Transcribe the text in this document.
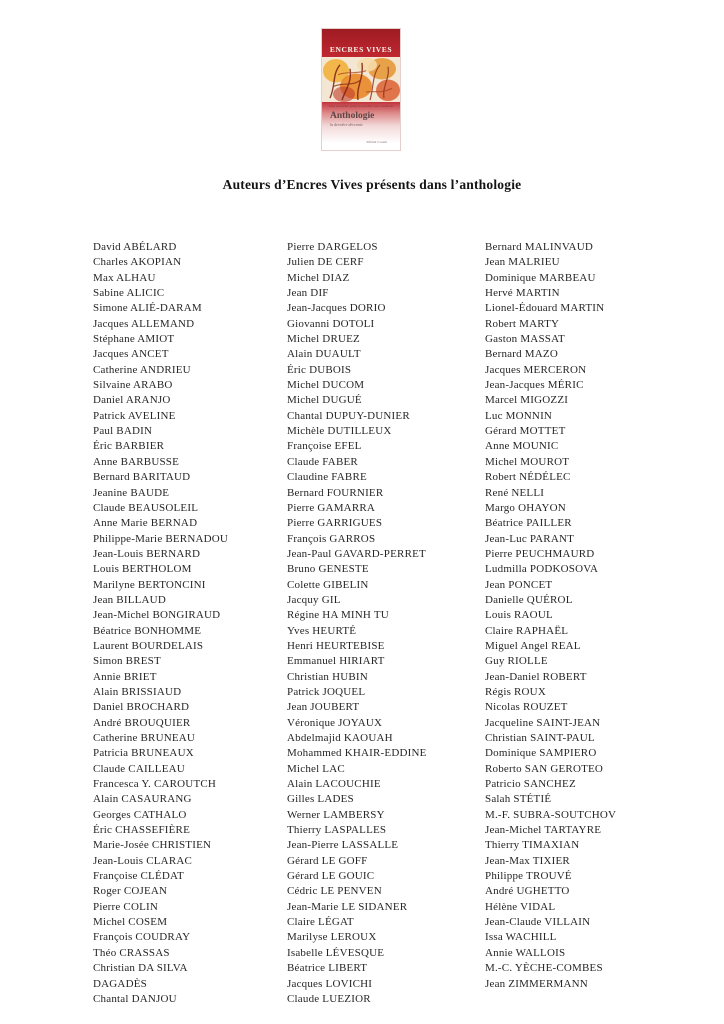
ENCRES VIVES
Des recueils pour le poème vers demain
Anthologie
la dernière décennie
Michel Cosem
Auteurs d’Encres Vives présents dans l’anthologie
David ABÉLARD
Charles AKOPIAN
Max ALHAU
Sabine ALICIC
Simone ALIÉ-DARAM
Jacques ALLEMAND
Stéphane AMIOT
Jacques ANCET
Catherine ANDRIEU
Silvaine ARABO
Daniel ARANJO
Patrick AVELINE
Paul BADIN
Éric BARBIER
Anne BARBUSSE
Bernard BARITAUD
Jeanine BAUDE
Claude BEAUSOLEIL
Anne Marie BERNAD
Philippe-Marie BERNADOU
Jean-Louis BERNARD
Louis BERTHOLOM
Marilyne BERTONCINI
Jean BILLAUD
Jean-Michel BONGIRAUD
Béatrice BONHOMME
Laurent BOURDELAIS
Simon BREST
Annie BRIET
Alain BRISSIAUD
Daniel BROCHARD
André BROUQUIER
Catherine BRUNEAU
Patricia BRUNEAUX
Claude CAILLEAU
Francesca Y. CAROUTCH
Alain CASAURANG
Georges CATHALO
Éric CHASSEFIÈRE
Marie-Josée CHRISTIEN
Jean-Louis CLARAC
Françoise CLÉDAT
Roger COJEAN
Pierre COLIN
Michel COSEM
François COUDRAY
Théo CRASSAS
Christian DA SILVA
DAGADÈS
Chantal DANJOU
Pierre DARGELOS
Julien DE CERF
Michel DIAZ
Jean DIF
Jean-Jacques DORIO
Giovanni DOTOLI
Michel DRUEZ
Alain DUAULT
Éric DUBOIS
Michel DUCOM
Michel DUGUÉ
Chantal DUPUY-DUNIER
Michèle DUTILLEUX
Françoise EFEL
Claude FABER
Claudine FABRE
Bernard FOURNIER
Pierre GAMARRA
Pierre GARRIGUES
François GARROS
Jean-Paul GAVARD-PERRET
Bruno GENESTE
Colette GIBELIN
Jacquy GIL
Régine HA MINH TU
Yves HEURTÉ
Henri HEURTEBISE
Emmanuel HIRIART
Christian HUBIN
Patrick JOQUEL
Jean JOUBERT
Véronique JOYAUX
Abdelmajid KAOUAH
Mohammed KHAIR-EDDINE
Michel LAC
Alain LACOUCHIE
Gilles LADES
Werner LAMBERSY
Thierry LASPALLES
Jean-Pierre LASSALLE
Gérard LE GOFF
Gérard LE GOUIC
Cédric LE PENVEN
Jean-Marie LE SIDANER
Claire LÉGAT
Marilyse LEROUX
Isabelle LÉVESQUE
Béatrice LIBERT
Jacques LOVICHI
Claude LUEZIOR
Bernard MALINVAUD
Jean MALRIEU
Dominique MARBEAU
Hervé MARTIN
Lionel-Édouard MARTIN
Robert MARTY
Gaston MASSAT
Bernard MAZO
Jacques MERCERON
Jean-Jacques MÉRIC
Marcel MIGOZZI
Luc MONNIN
Gérard MOTTET
Anne MOUNIC
Michel MOUROT
Robert NÉDÉLEC
René NELLI
Margo OHAYON
Béatrice PAILLER
Jean-Luc PARANT
Pierre PEUCHMAURD
Ludmilla PODKOSOVA
Jean PONCET
Danielle QUÉROL
Louis RAOUL
Claire RAPHAËL
Miguel Angel REAL
Guy RIOLLE
Jean-Daniel ROBERT
Régis ROUX
Nicolas ROUZET
Jacqueline SAINT-JEAN
Christian SAINT-PAUL
Dominique SAMPIERO
Roberto SAN GEROTEO
Patricio SANCHEZ
Salah STÉTIÉ
M.-F. SUBRA-SOUTCHOV
Jean-Michel TARTAYRE
Thierry TIMAXIAN
Jean-Max TIXIER
Philippe TROUVÉ
André UGHETTO
Hélène VIDAL
Jean-Claude VILLAIN
Issa WACHILL
Annie WALLOIS
M.-C. YÈCHE-COMBES
Jean ZIMMERMANN
